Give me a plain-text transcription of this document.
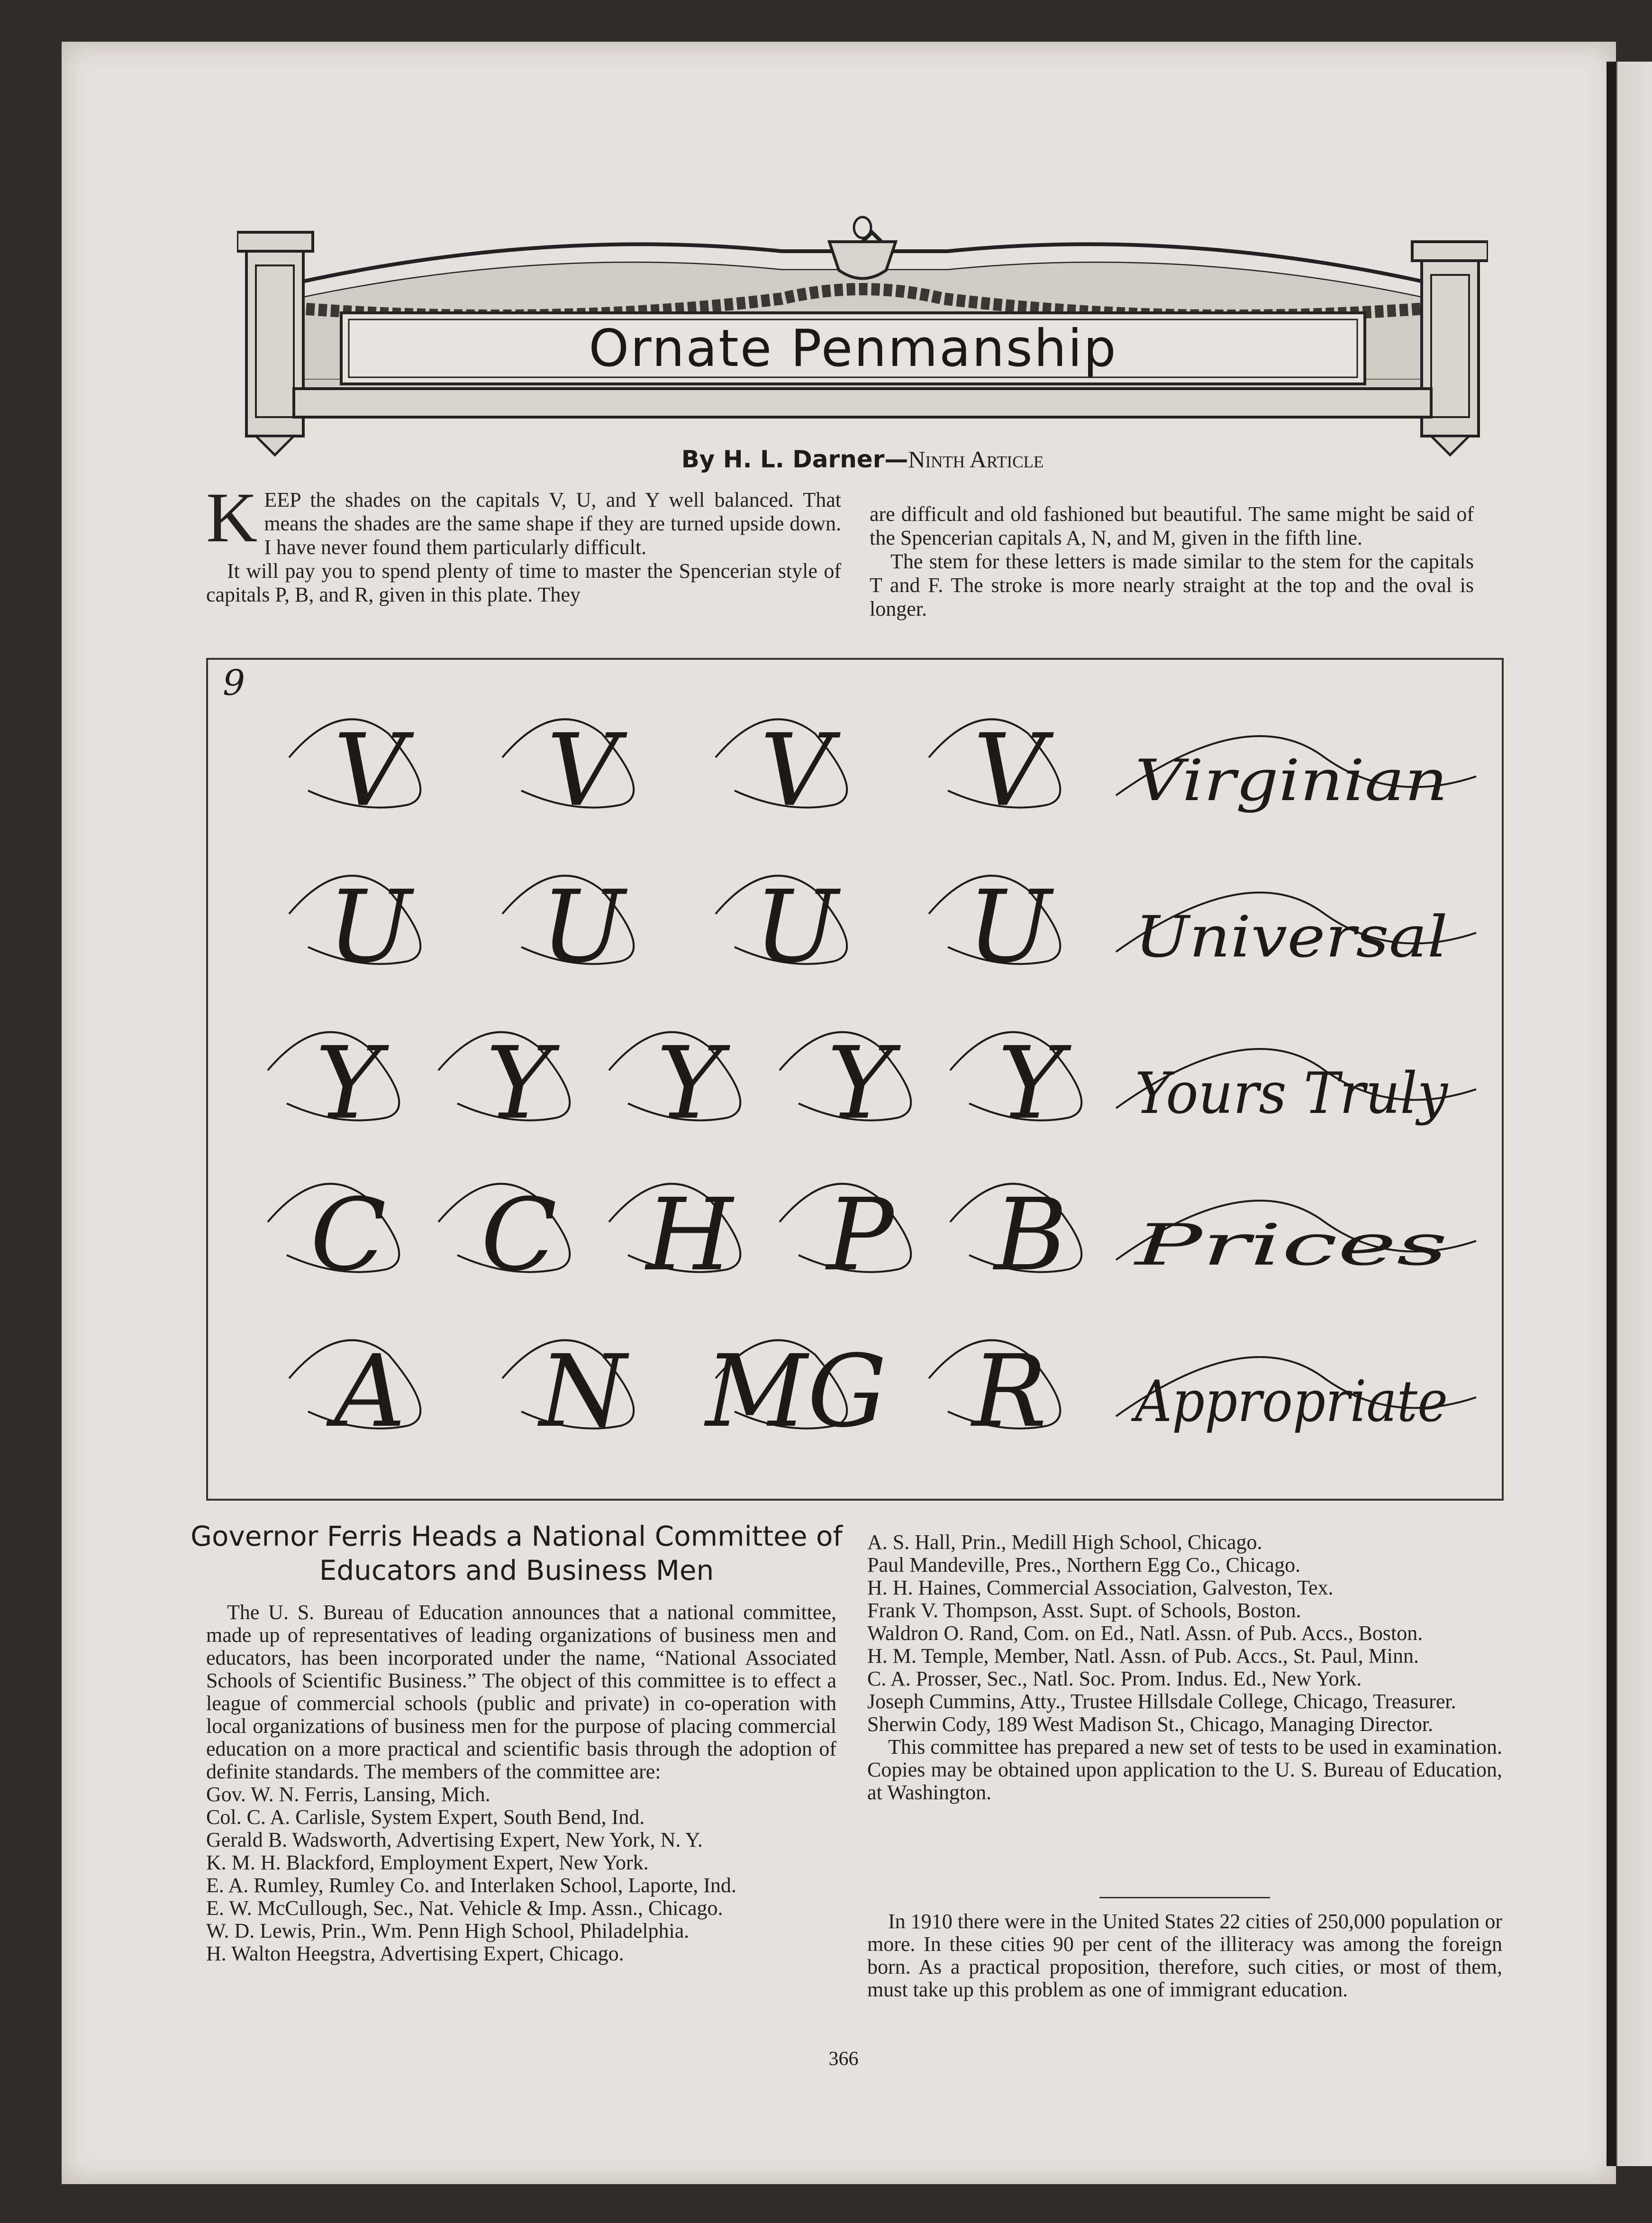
Ornate Penmanship
By H. L. Darner—Ninth Article

KEEP the shades on the capitals V, U, and Y well balanced. That means the shades are the same shape if they are turned upside down. I have never found them particularly difficult.

It will pay you to spend plenty of time to master the Spencerian style of capitals P, B, and R, given in this plate. They

are difficult and old fashioned but beautiful. The same might be said of the Spencerian capitals A, N, and M, given in the fifth line.

The stem for these letters is made similar to the stem for the capitals T and F. The stroke is more nearly straight at the top and the oval is longer.

9
V V V V Virginian
U U U U Universal
Y Y Y Y Y Yours Truly
C C H P B Prices
A N MG R Appropriate
Governor Ferris Heads a National Committee of
Educators and Business Men
The U. S. Bureau of Education announces that a national committee, made up of representatives of leading organizations of business men and educators, has been incorporated under the name, “National Associated Schools of Scientific Business.” The object of this committee is to effect a league of commercial schools (public and private) in co-operation with local organizations of business men for the purpose of placing commercial education on a more practical and scientific basis through the adoption of definite standards. The members of the committee are:
Gov. W. N. Ferris, Lansing, Mich.
Col. C. A. Carlisle, System Expert, South Bend, Ind.
Gerald B. Wadsworth, Advertising Expert, New York, N. Y.
K. M. H. Blackford, Employment Expert, New York.
E. A. Rumley, Rumley Co. and Interlaken School, Laporte, Ind.
E. W. McCullough, Sec., Nat. Vehicle & Imp. Assn., Chicago.
W. D. Lewis, Prin., Wm. Penn High School, Philadelphia.
H. Walton Heegstra, Advertising Expert, Chicago.
A. S. Hall, Prin., Medill High School, Chicago.
Paul Mandeville, Pres., Northern Egg Co., Chicago.
H. H. Haines, Commercial Association, Galveston, Tex.
Frank V. Thompson, Asst. Supt. of Schools, Boston.
Waldron O. Rand, Com. on Ed., Natl. Assn. of Pub. Accs., Boston.
H. M. Temple, Member, Natl. Assn. of Pub. Accs., St. Paul, Minn.
C. A. Prosser, Sec., Natl. Soc. Prom. Indus. Ed., New York.
Joseph Cummins, Atty., Trustee Hillsdale College, Chicago, Treasurer.
Sherwin Cody, 189 West Madison St., Chicago, Managing Director.
This committee has prepared a new set of tests to be used in examination. Copies may be obtained upon application to the U. S. Bureau of Education, at Washington.
In 1910 there were in the United States 22 cities of 250,000 population or more. In these cities 90 per cent of the illiteracy was among the foreign born. As a practical proposition, therefore, such cities, or most of them, must take up this problem as one of immigrant education.
366
